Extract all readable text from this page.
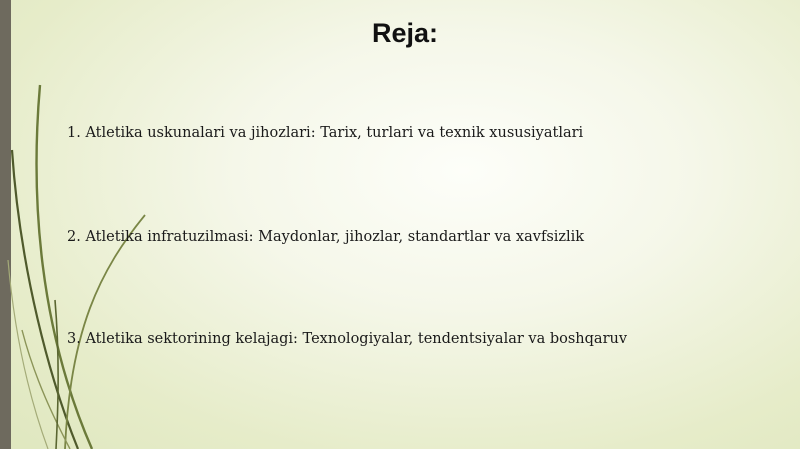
Reja:
1. Atletika uskunalari va jihozlari: Tarix, turlari va texnik xususiyatlari
2. Atletika infratuzilmasi: Maydonlar, jihozlar, standartlar va xavfsizlik
3. Atletika sektorining kelajagi: Texnologiyalar, tendentsiyalar va boshqaruv
